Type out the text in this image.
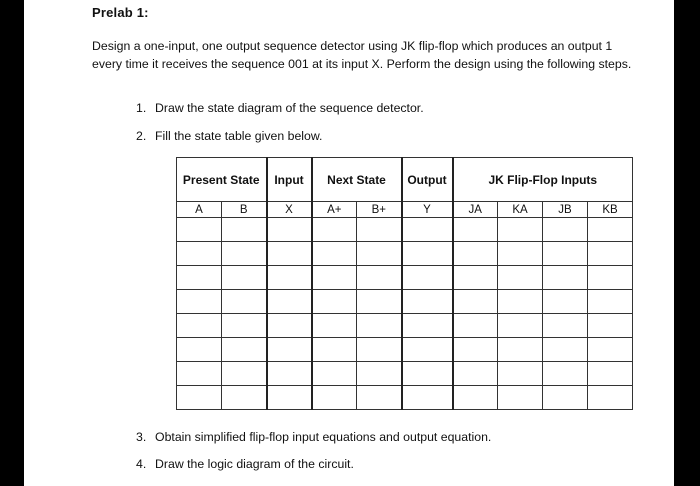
Prelab 1:

Design a one-input, one output sequence detector using JK flip-flop which produces an output 1 every time it receives the sequence 001 at its input X. Perform the design using the following steps.

1. Draw the state diagram of the sequence detector.
2. Fill the state table given below.
Present State		Input	Next State		Output	JK Flip-Flop Inputs			
A	B	X	A+	B+	Y	JA	KA	JB	KB

3. Obtain simplified flip-flop input equations and output equation.
4. Draw the logic diagram of the circuit.
